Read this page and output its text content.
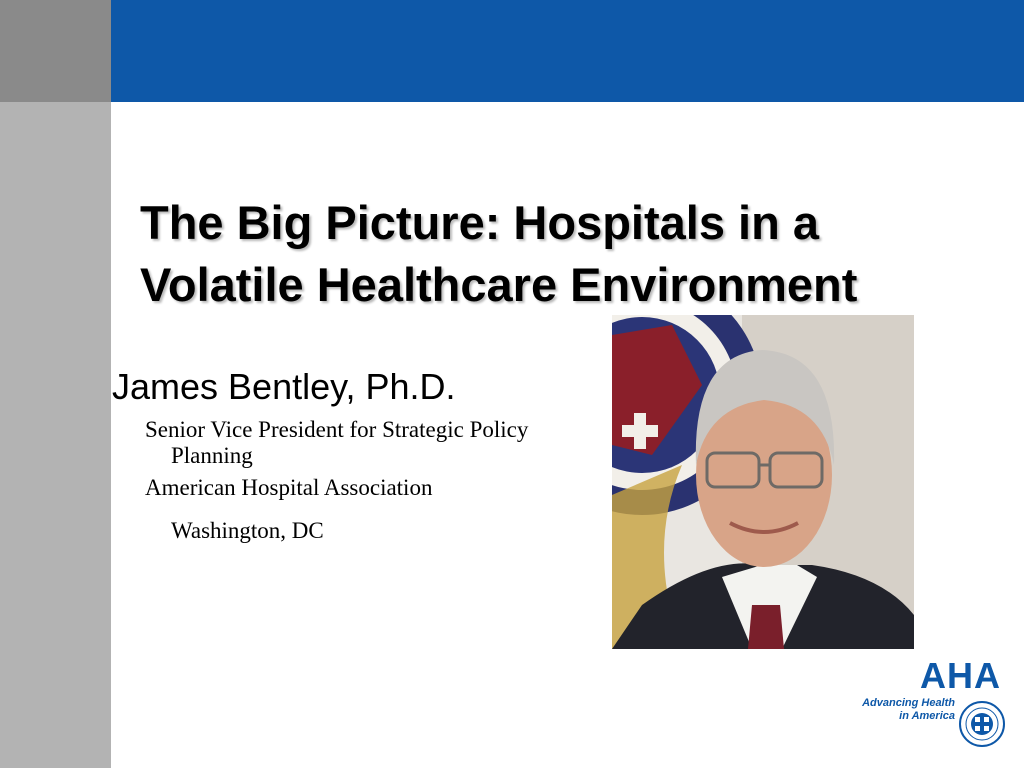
The Big Picture: Hospitals in a
Volatile Healthcare Environment

James Bentley, Ph.D.

Senior Vice President for Strategic Policy
Planning

American Hospital Association

Washington, DC

AHA

Advancing Health
in America
